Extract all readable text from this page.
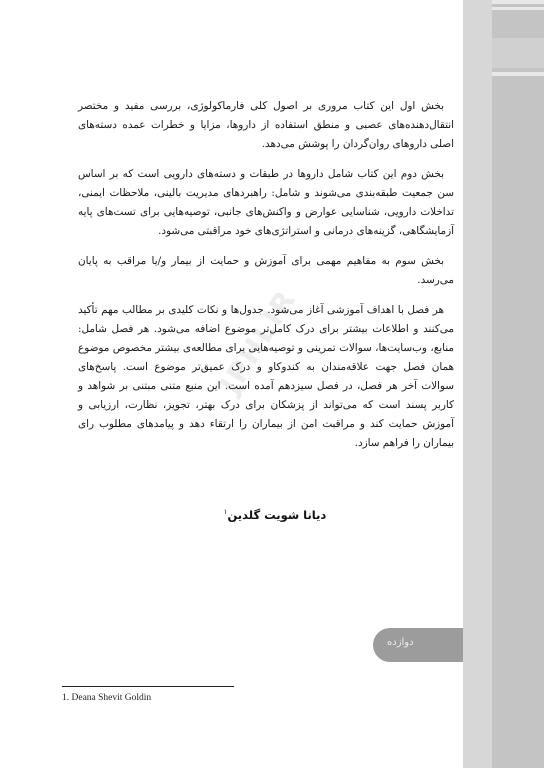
JPHLIR

بخش اول این کتاب مروری بر اصول کلی فارماکولوژی، بررسی مفید و مختصر انتقال‌دهنده‌های عصبی و منطق استفاده از داروها، مزایا و خطرات عمده دسته‌های اصلی داروهای روان‌گردان را پوشش می‌دهد.

بخش دوم این کتاب شامل داروها در طبقات و دسته‌های دارویی است که بر اساس سن جمعیت طبقه‌بندی می‌شوند و شامل: راهبردهای مدیریت بالینی، ملاحظات ایمنی، تداخلات دارویی، شناسایی عوارض و واکنش‌های جانبی، توصیه‌هایی برای تست‌های پایه آزمایشگاهی، گزینه‌های درمانی و استراتژی‌های خود مراقبتی می‌شود.

بخش سوم به مفاهیم مهمی برای آموزش و حمایت از بیمار و/یا مراقب به پایان می‌رسد.

هر فصل با اهداف آموزشی آغاز می‌شود. جدول‌ها و نکات کلیدی بر مطالب مهم تأکید می‌کنند و اطلاعات بیشتر برای درک کامل‌تر موضوع اضافه می‌شود. هر فصل شامل: منابع، وب‌سایت‌ها، سوالات تمرینی و توصیه‌هایی برای مطالعه‌ی بیشتر مخصوص موضوع همان فصل جهت علاقه‌مندان به کندوکاو و درک عمیق‌تر موضوع است. پاسخ‌های سوالات آخر هر فصل، در فصل سیزدهم آمده است. این منبع متنی مبتنی بر شواهد و کاربر پسند است که می‌تواند از پزشکان برای درک بهتر، تجویز، نظارت، ارزیابی و آموزش حمایت کند و مراقبت امن از بیماران را ارتقاء دهد و پیامدهای مطلوب رای بیماران را فراهم سازد.

دیانا شویت گلدین$^۱$
دوازده
1. Deana Shevit Goldin
